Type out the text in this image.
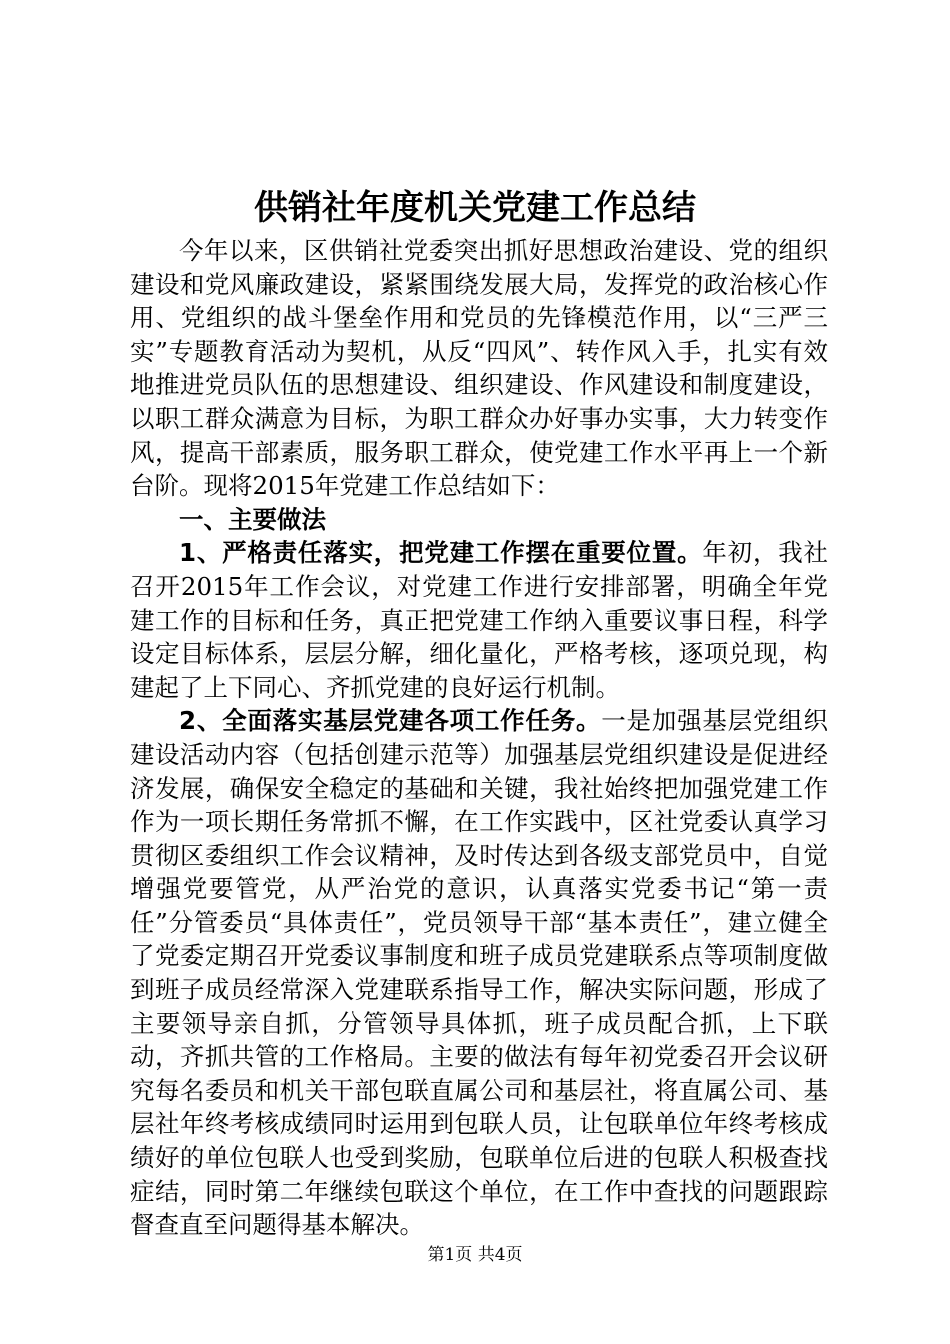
供销社年度机关党建工作总结

今年以来，区供销社党委突出抓好思想政治建设、党的组织建设和党风廉政建设，紧紧围绕发展大局，发挥党的政治核心作用、党组织的战斗堡垒作用和党员的先锋模范作用，以“三严三实”专题教育活动为契机，从反“四风”、转作风入手，扎实有效地推进党员队伍的思想建设、组织建设、作风建设和制度建设，以职工群众满意为目标，为职工群众办好事办实事，大力转变作风，提高干部素质，服务职工群众，使党建工作水平再上一个新台阶。现将2015年党建工作总结如下：

一、主要做法

1、严格责任落实，把党建工作摆在重要位置。年初，我社召开2015年工作会议，对党建工作进行安排部署，明确全年党建工作的目标和任务，真正把党建工作纳入重要议事日程，科学设定目标体系，层层分解，细化量化，严格考核，逐项兑现，构建起了上下同心、齐抓党建的良好运行机制。

2、全面落实基层党建各项工作任务。一是加强基层党组织建设活动内容（包括创建示范等）加强基层党组织建设是促进经济发展，确保安全稳定的基础和关键，我社始终把加强党建工作作为一项长期任务常抓不懈，在工作实践中，区社党委认真学习贯彻区委组织工作会议精神，及时传达到各级支部党员中，自觉增强党要管党，从严治党的意识，认真落实党委书记“第一责任”分管委员“具体责任”，党员领导干部“基本责任”，建立健全了党委定期召开党委议事制度和班子成员党建联系点等项制度做到班子成员经常深入党建联系指导工作，解决实际问题，形成了主要领导亲自抓，分管领导具体抓，班子成员配合抓，上下联动，齐抓共管的工作格局。主要的做法有每年初党委召开会议研究每名委员和机关干部包联直属公司和基层社，将直属公司、基层社年终考核成绩同时运用到包联人员，让包联单位年终考核成绩好的单位包联人也受到奖励，包联单位后进的包联人积极查找症结，同时第二年继续包联这个单位，在工作中查找的问题跟踪督查直至问题得基本解决。

第1页 共4页
